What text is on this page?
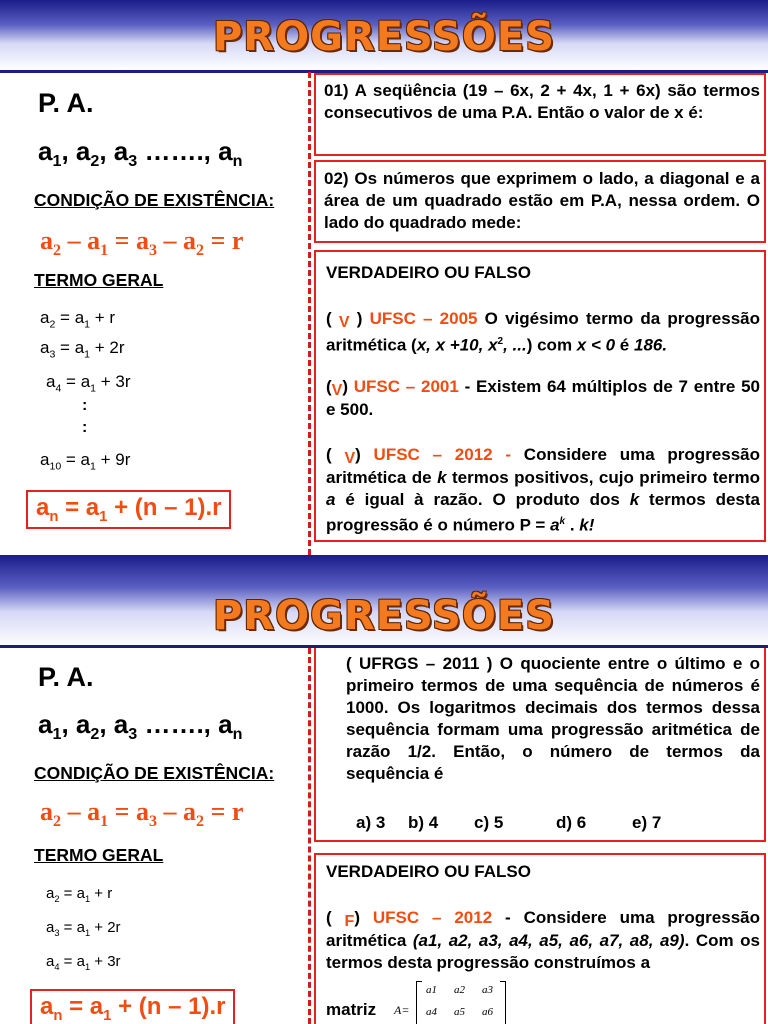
PROGRESSÕES
P. A.
$a_1$, $a_2$, $a_3$ ……., $a_n$
CONDIÇÃO DE EXISTÊNCIA:
$a_2 - a_1 = a_3 - a_2 = r$
TERMO GERAL
$a_2 = a_1 + r$
$a_3 = a_1 + 2r$
$a_4 = a_1 + 3r$
:
:
$a_{10} = a_1 + 9r$
$a_n = a_1 + (n - 1).r$
01) A seqüência (19 – 6x, 2 + 4x, 1 + 6x) são termos consecutivos de uma P.A. Então o valor de x é:
02) Os números que exprimem o lado, a diagonal e a área de um quadrado estão em P.A, nessa ordem. O lado do quadrado mede:
VERDADEIRO OU FALSO
( V ) UFSC – 2005 O vigésimo termo da progressão aritmética (x, x +10, $x^2$, ...) com x < 0 é 186.
(V) UFSC – 2001 - Existem 64 múltiplos de 7 entre 50 e 500.
( V) UFSC – 2012 - Considere uma progressão aritmética de k termos positivos, cujo primeiro termo a é igual à razão. O produto dos k termos desta progressão é o número $P = a^k$ . k!
PROGRESSÕES
P. A.
$a_1$, $a_2$, $a_3$ ……., $a_n$
CONDIÇÃO DE EXISTÊNCIA:
$a_2 - a_1 = a_3 - a_2 = r$
TERMO GERAL
$a_2 = a_1 + r$
$a_3 = a_1 + 2r$
$a_4 = a_1 + 3r$
$a_n = a_1 + (n - 1).r$
( UFRGS – 2011 ) O quociente entre o último e o primeiro termos de uma sequência de números é 1000. Os logaritmos decimais dos termos dessa sequência formam uma progressão aritmética de razão 1/2. Então, o número de termos da sequência é
a) 3 b) 4 c) 5	d) 6	e) 7
VERDADEIRO OU FALSO
( F) UFSC – 2012 - Considere uma progressão aritmética (a1, a2, a3, a4, a5, a6, a7, a8, a9). Com os termos desta progressão construímos a
matriz A=
a1 a2 a3
a4 a5 a6
